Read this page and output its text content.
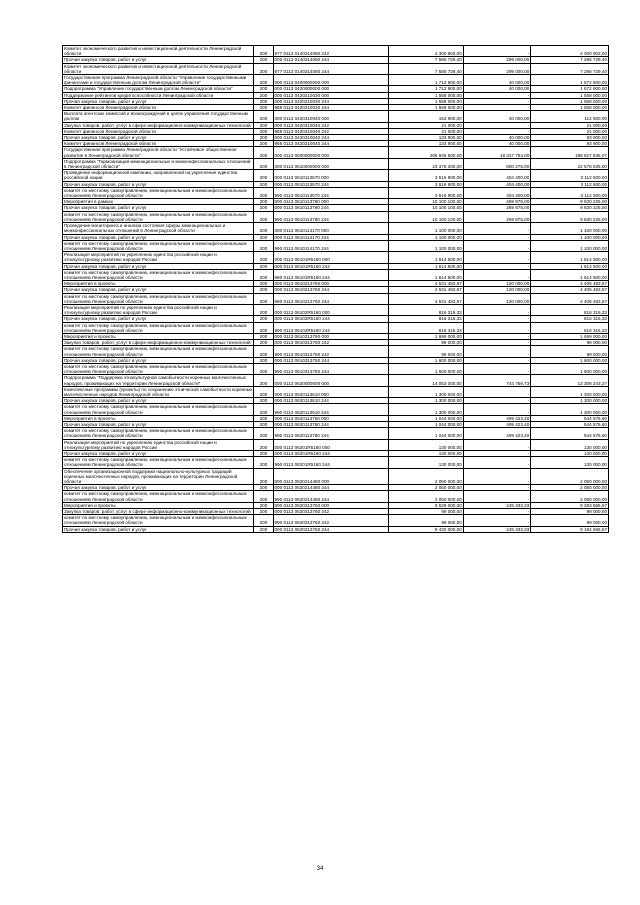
Комитет экономического развития и инвестиционной деятельности Ленинградской области	200	977 0113 0140314080 242	4 300 903,00	-	4 300 903,00
Прочая закупка товаров, работ и услуг	200	000 0113 0140314080 244	7 585 729,40	299 000,00	7 286 729,40
Комитет экономического развития и инвестиционной деятельности Ленинградской области	200	977 0113 0140314080 244	7 585 729,40	299 000,00	7 286 729,40
Государственная программа Ленинградской области "Управление государственными финансами и государственным долгом Ленинградской области"	200	000 0113 0400000000 000	1 712 900,00	40 000,00	1 672 900,00
Подпрограмма "Управление государственным долгом Ленинградской области"	200	000 0113 0420000000 000	1 712 900,00	40 000,00	1 672 900,00
Поддержание рейтингов кредитоспособности Ленинградской области	200	000 0113 0420210030 000	1 558 000,00	-	1 558 000,00
Прочая закупка товаров, работ и услуг	200	000 0113 0420210030 244	1 558 000,00	-	1 558 000,00
Комитет финансов Ленинградской области	200	985 0113 0420210030 244	1 558 000,00	-	1 558 000,00
Выплата агентских комиссий и вознаграждений в целях управления государственным долгом	200	000 0113 0420310040 000	154 900,00	40 000,00	114 900,00
Закупка товаров, работ, услуг в сфере информационно-коммуникационных технологий	200	000 0113 0420310040 242	21 000,00	-	21 000,00
Комитет финансов Ленинградской области	200	985 0113 0420310040 242	21 000,00	-	21 000,00
Прочая закупка товаров, работ и услуг	200	000 0113 0420310040 244	133 900,00	40 000,00	93 900,00
Комитет финансов Ленинградской области	200	985 0113 0420310040 244	133 900,00	40 000,00	93 900,00
Государственная программа Ленинградской области "Устойчивое общественное развитие в Ленинградской области"	200	000 0113 0600000000 000	206 945 600,00	18 317 754,00	188 627 845,07
Подпрограмма "Гармонизация межнациональных и межконфессиональных отношений в Ленинградской области"	200	000 0113 0610000000 000	23 378 300,00	800 275,00	22 578 025,00
Проведение информационной кампании, направленной на укрепление единства российской нации	200	000 0113 0610113570 000	3 516 900,00	404 400,00	3 112 500,00
Прочая закупка товаров, работ и услуг	200	000 0113 0610113570 244	3 516 900,00	404 400,00	3 112 500,00
комитет по местному самоуправлению, межнациональным и межконфессиональным отношениям Ленинградской области	200	990 0113 0610113570 244	3 516 900,00	404 400,00	3 112 500,00
Мероприятия в рамках	200	000 0113 0610113760 000	10 100 100,00	269 875,00	9 830 225,00
Прочая закупка товаров, работ и услуг	200	000 0113 0610113760 244	10 100 100,00	269 875,00	9 830 225,00
комитет по местному самоуправлению, межнациональным и межконфессиональным отношениям Ленинградской области	200	990 0113 0610113760 244	10 100 100,00	269 875,00	9 830 225,00
Проведение мониторинга и анализа состояния сферы межнациональных и межконфессиональных отношений в Ленинградской области	200	000 0113 0610114170 000	1 100 000,00	-	1 100 000,00
Прочая закупка товаров, работ и услуг	200	000 0113 0610114170 244	1 100 000,00	-	1 100 000,00
комитет по местному самоуправлению, межнациональным и межконфессиональным отношениям Ленинградской области	200	990 0113 0610114170 244	1 100 000,00	-	1 100 000,00
Реализация мероприятий по укреплению единства российской нации и этнокультурному развитию народов России	200	000 0113 06101R5160 000	1 614 500,00	-	1 614 500,00
Прочая закупка товаров, работ и услуг	200	000 0113 06101R5160 244	1 614 500,00	-	1 614 500,00
комитет по местному самоуправлению, межнациональным и межконфессиональным отношениям Ленинградской области	200	990 0113 06101R5160 244	1 614 500,00	-	1 614 500,00
Мероприятия в проекты	200	000 0113 0610213760 000	4 531 483,67	120 000,00	4 405 483,67
Прочая закупка товаров, работ и услуг	200	000 0113 0610213760 244	4 531 483,67	120 000,00	4 405 483,67
комитет по местному самоуправлению, межнациональным и межконфессиональным отношениям Ленинградской области	200	990 0113 0610213760 244	4 531 483,67	120 000,00	4 405 483,67
Реализация мероприятий по укреплению единства российской нации и этнокультурному развитию народов России	200	000 0113 06102R5160 000	816 316,33	-	816 316,33
Прочая закупка товаров, работ и услуг	200	000 0113 06102R5160 244	816 316,33	-	816 316,33
комитет по местному самоуправлению, межнациональным и межконфессиональным отношениям Ленинградской области	200	990 0113 06102R5160 244	816 316,33	-	816 316,33
Мероприятия и проекты	200	000 0113 0610313760 000	1 699 000,00	-	1 699 000,00
Закупка товаров, работ, услуг в сфере информационно-коммуникационных технологий	200	000 0113 0610313760 242	99 000,00	-	99 000,00
комитет по местному самоуправлению, межнациональным и межконфессиональным отношениям Ленинградской области	200	990 0113 0610313760 242	99 000,00	-	99 000,00
Прочая закупка товаров, работ и услуг	200	000 0113 0610313760 244	1 600 000,00	-	1 600 000,00
комитет по местному самоуправлению, межнациональным и межконфессиональным отношениям Ленинградской области	200	990 0113 0610313760 244	1 600 000,00	-	1 600 000,00
Подпрограмма "Поддержка этнокультурной самобытности коренных малочисленных народов, проживающих на территории Ленинградской области"	200	000 0113 0620000000 000	14 053 000,00	744 756,73	13 308 243,27
Комплексные программы (проекты) по сохранению этнической самобытности коренных малочисленных народов Ленинградской области	200	000 0113 0620113610 000	1 300 000,00	-	1 300 000,00
Прочая закупка товаров, работ и услуг	200	000 0113 0620113610 244	1 300 000,00	-	1 300 000,00
комитет по местному самоуправлению, межнациональным и межконфессиональным отношениям Ленинградской области	200	990 0113 0620113610 244	1 300 000,00	-	1 300 000,00
Мероприятия в проекты	200	000 0113 0620113760 000	1 044 000,00	499 423,40	544 576,60
Прочая закупка товаров, работ и услуг	200	000 0113 0620113760 244	1 044 000,00	499 423,40	544 576,60
комитет по местному самоуправлению, межнациональным и межконфессиональным отношениям Ленинградской области	200	990 0113 0620113760 244	1 044 000,00	499 423,40	544 576,60
Реализация мероприятий по укреплению единства российской нации и этнокультурному развитию народов России	200	000 0113 06201R5160 000	130 000,00	-	130 000,00
Прочая закупка товаров, работ и услуг	200	000 0113 06201R5160 244	130 000,00	-	130 000,00
комитет по местному самоуправлению, межнациональным и межконфессиональным отношениям Ленинградской области	200	990 0113 06201R5160 244	130 000,00	-	130 000,00
Обеспечение организационной поддержки национально-культурных традиций коренных малочисленных народов, проживающих на территории Ленинградской области	200	000 0113 0620214480 000	2 050 000,00	-	2 050 000,00
Прочая закупка товаров, работ и услуг	200	000 0113 0620214480 244	2 050 000,00	-	2 050 000,00
комитет по местному самоуправлению, межнациональным и межконфессиональным отношениям Ленинградской области	200	990 0113 0620214480 244	2 050 000,00	-	2 050 000,00
Мероприятия и проекты	200	000 0113 0620313760 000	9 529 000,00	245 333,33	9 283 666,67
Закупка товаров, работ, услуг в сфере информационно-коммуникационных технологий	200	000 0113 0620313760 242	99 000,00	-	99 000,00
комитет по местному самоуправлению, межнациональным и межконфессиональным отношениям Ленинградской области	200	990 0113 0620313760 242	99 000,00	-	99 000,00
Прочая закупка товаров, работ и услуг	200	000 0113 0620313760 244	9 430 000,00	245 333,33	9 184 666,67
34
